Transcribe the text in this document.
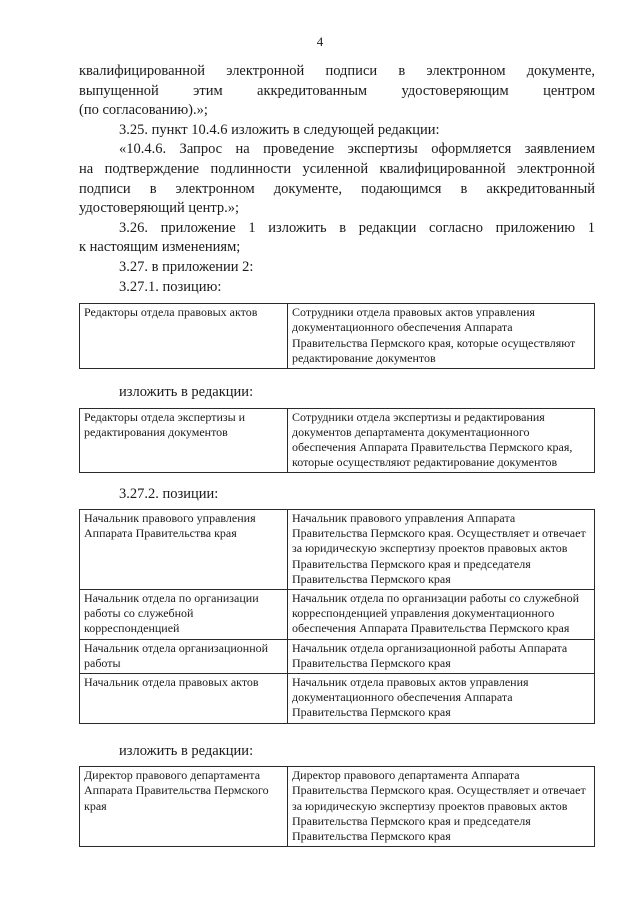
4

квалифицированной электронной подписи в электронном документе,

выпущенной этим аккредитованным удостоверяющим центром

(по согласованию).»;

3.25. пункт 10.4.6 изложить в следующей редакции:

«10.4.6. Запрос на проведение экспертизы оформляется заявлением

на подтверждение подлинности усиленной квалифицированной электронной

подписи в электронном документе, подающимся в аккредитованный

удостоверяющий центр.»;

3.26. приложение 1 изложить в редакции согласно приложению 1

к настоящим изменениям;

3.27. в приложении 2:

3.27.1. позицию:

Редакторы отдела правовых актов	Сотрудники отдела правовых актов управления документационного обеспечения Аппарата Правительства Пермского края, которые осуществляют редактирование документов

изложить в редакции:

Редакторы отдела экспертизы и редактирования документов	Сотрудники отдела экспертизы и редактирования документов департамента документационного обеспечения Аппарата Правительства Пермского края, которые осуществляют редактирование документов

3.27.2. позиции:

Начальник правового управления Аппарата Правительства края	Начальник правового управления Аппарата Правительства Пермского края. Осуществляет и отвечает за юридическую экспертизу проектов правовых актов Правительства Пермского края и председателя Правительства Пермского края
Начальник отдела по организации работы со служебной корреспонденцией	Начальник отдела по организации работы со служебной корреспонденцией управления документационного обеспечения Аппарата Правительства Пермского края
Начальник отдела организационной работы	Начальник отдела организационной работы Аппарата Правительства Пермского края
Начальник отдела правовых актов	Начальник отдела правовых актов управления документационного обеспечения Аппарата Правительства Пермского края

изложить в редакции:

Директор правового департамента Аппарата Правительства Пермского края	Директор правового департамента Аппарата Правительства Пермского края. Осуществляет и отвечает за юридическую экспертизу проектов правовых актов Правительства Пермского края и председателя Правительства Пермского края
